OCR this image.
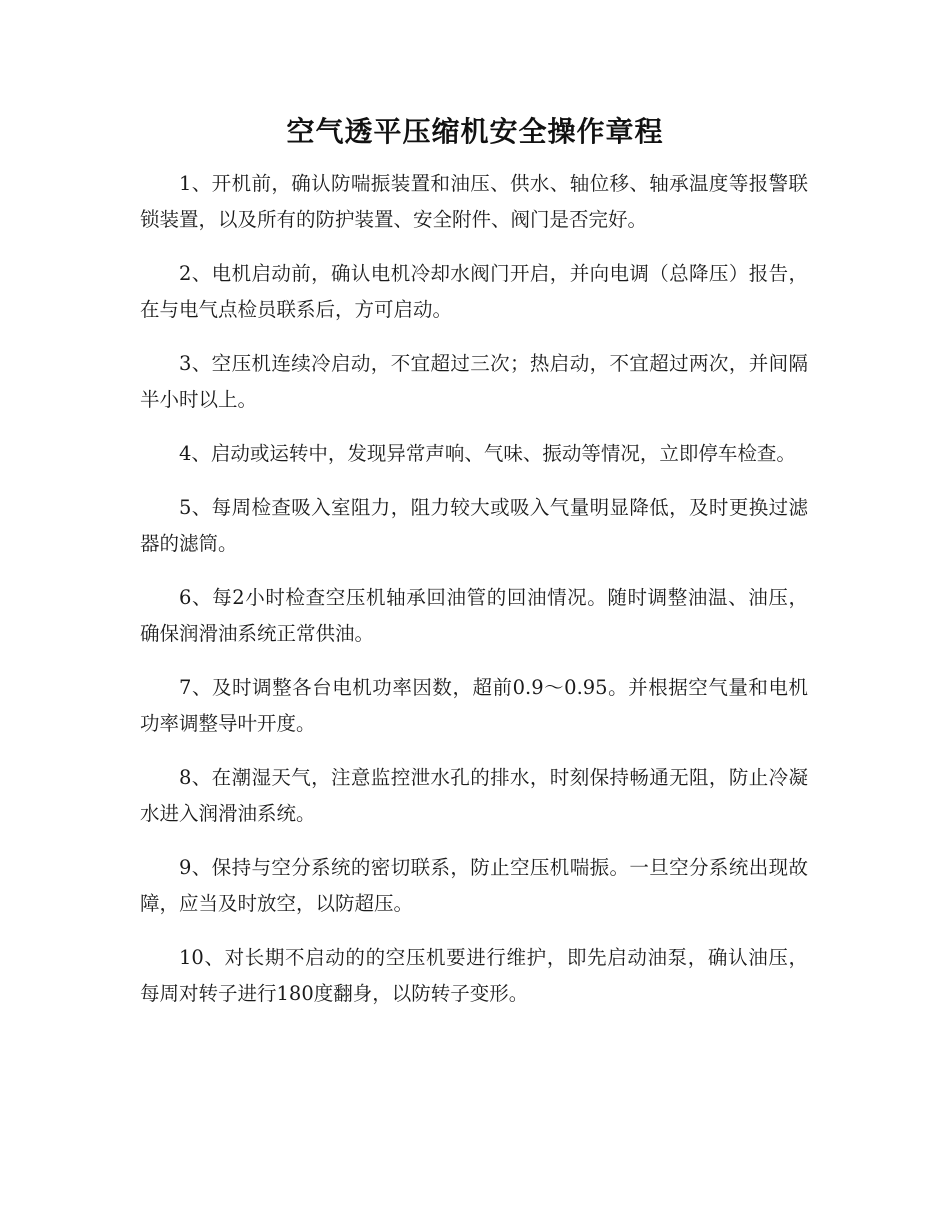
空气透平压缩机安全操作章程

1、开机前，确认防喘振装置和油压、供水、轴位移、轴承温度等报警联锁装置，以及所有的防护装置、安全附件、阀门是否完好。

2、电机启动前，确认电机冷却水阀门开启，并向电调（总降压）报告，在与电气点检员联系后，方可启动。

3、空压机连续冷启动，不宜超过三次；热启动，不宜超过两次，并间隔半小时以上。

4、启动或运转中，发现异常声响、气味、振动等情况，立即停车检查。

5、每周检查吸入室阻力，阻力较大或吸入气量明显降低，及时更换过滤器的滤筒。

6、每2小时检查空压机轴承回油管的回油情况。随时调整油温、油压，确保润滑油系统正常供油。

7、及时调整各台电机功率因数，超前0.9～0.95。并根据空气量和电机功率调整导叶开度。

8、在潮湿天气，注意监控泄水孔的排水，时刻保持畅通无阻，防止冷凝水进入润滑油系统。

9、保持与空分系统的密切联系，防止空压机喘振。一旦空分系统出现故障，应当及时放空，以防超压。

10、对长期不启动的的空压机要进行维护，即先启动油泵，确认油压，每周对转子进行180度翻身，以防转子变形。
